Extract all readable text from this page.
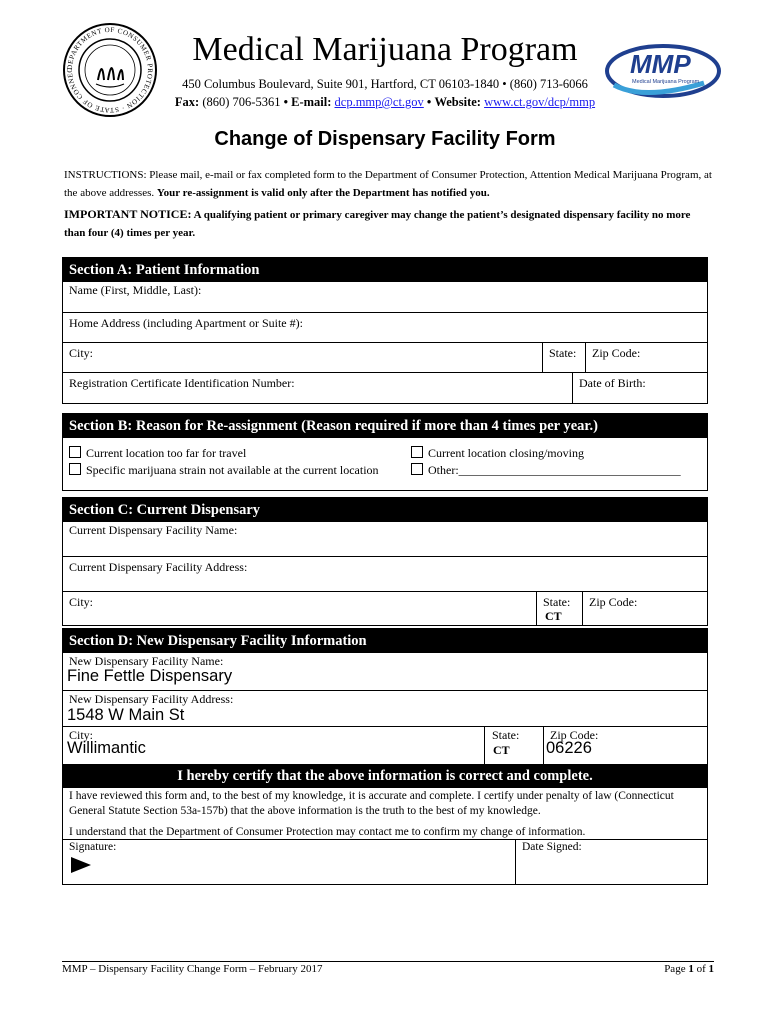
DEPARTMENT OF CONSUMER PROTECTION · STATE OF CONNEC
Medical Marijuana Program
450 Columbus Boulevard, Suite 901, Hartford, CT 06103-1840 • (860) 713-6066
Fax: (860) 706-5361 • E-mail: dcp.mmp@ct.gov • Website: www.ct.gov/dcp/mmp
MMP
Medical Marijuana Program
Change of Dispensary Facility Form
INSTRUCTIONS: Please mail, e-mail or fax completed form to the Department of Consumer Protection, Attention Medical Marijuana Program, at the above addresses. Your re-assignment is valid only after the Department has notified you.
IMPORTANT NOTICE: A qualifying patient or primary caregiver may change the patient’s designated dispensary facility no more than four (4) times per year.
Section A: Patient Information
Name (First, Middle, Last):
Home Address (including Apartment or Suite #):
City:	State: Zip Code:
Registration Certificate Identification Number:	Date of Birth:
Section B: Reason for Re-assignment (Reason required if more than 4 times per year.)
Current location too far for travel	Current location closing/moving
Specific marijuana strain not available at the current location	Other:_____________________________________
Section C: Current Dispensary
Current Dispensary Facility Name:
Current Dispensary Facility Address:
City:	State:
CT
Zip Code:
Section D: New Dispensary Facility Information
New Dispensary Facility Name:
Fine Fettle Dispensary
New Dispensary Facility Address:
1548 W Main St
City:
Willimantic
State:
CT
Zip Code:
06226
I hereby certify that the above information is correct and complete.
I have reviewed this form and, to the best of my knowledge, it is accurate and complete. I certify under penalty of law (Connecticut General Statute Section 53a-157b) that the above information is the truth to the best of my knowledge.
I understand that the Department of Consumer Protection may contact me to confirm my change of information.
Signature:	Date Signed:
MMP – Dispensary Facility Change Form – February 2017	Page 1 of 1
